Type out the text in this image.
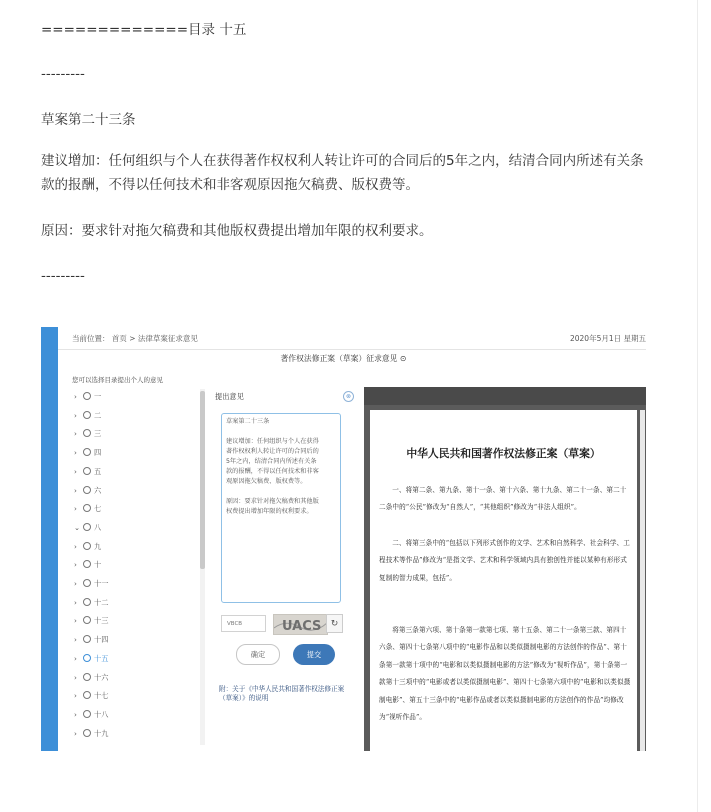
=============目录 十五
---------
草案第二十三条
建议增加：任何组织与个人在获得著作权权利人转让许可的合同后的5年之内，结清合同内所述有关条款的报酬，不得以任何技术和非客观原因拖欠稿费、版权费等。
原因：要求针对拖欠稿费和其他版权费提出增加年限的权利要求。
---------
当前位置： 首页 > 法律草案征求意见	2020年5月1日 星期五
著作权法修正案（草案）征求意见 ⊙
您可以选择目录提出个人的意见
› 一
› 二
› 三
› 四
› 五
› 六
› 七
⌄ 八
› 九
› 十
› 十一
› 十二
› 十三
› 十四
› 十五
› 十六
› 十七
› 十八
› 十九
提出意见	⊗
草案第二十三条

建议增加：任何组织与个人在获得
著作权权利人转让许可的合同后的
5年之内，结清合同内所述有关条
款的报酬，不得以任何技术和非客
观原因拖欠稿费、版权费等。

原因：要求针对拖欠稿费和其他版
权费提出增加年限的权利要求。
VBCB	UACS	↻
确定	提交
附：关于《中华人民共和国著作权法修正案（草案）》的说明
中华人民共和国著作权法修正案（草案）
一、将第二条、第九条、第十一条、第十六条、第十九条、第二十一条、第二十二条中的“公民”修改为“自然人”，“其他组织”修改为“非法人组织”。
二、将第三条中的“包括以下列形式创作的文学、艺术和自然科学、社会科学、工程技术等作品”修改为“是指文学、艺术和科学领域内具有独创性并能以某种有形形式复制的智力成果，包括”。
将第三条第六项、第十条第一款第七项、第十五条、第二十一条第三款、第四十六条、第四十七条第八项中的“电影作品和以类似摄制电影的方法创作的作品”、第十条第一款第十项中的“电影和以类似摄制电影的方法”修改为“视听作品”，第十条第一款第十三项中的“电影或者以类似摄制电影”、第四十七条第六项中的“电影和以类似摄制电影”、第五十三条中的“电影作品或者以类似摄制电影的方法创作的作品”均修改为“视听作品”。
